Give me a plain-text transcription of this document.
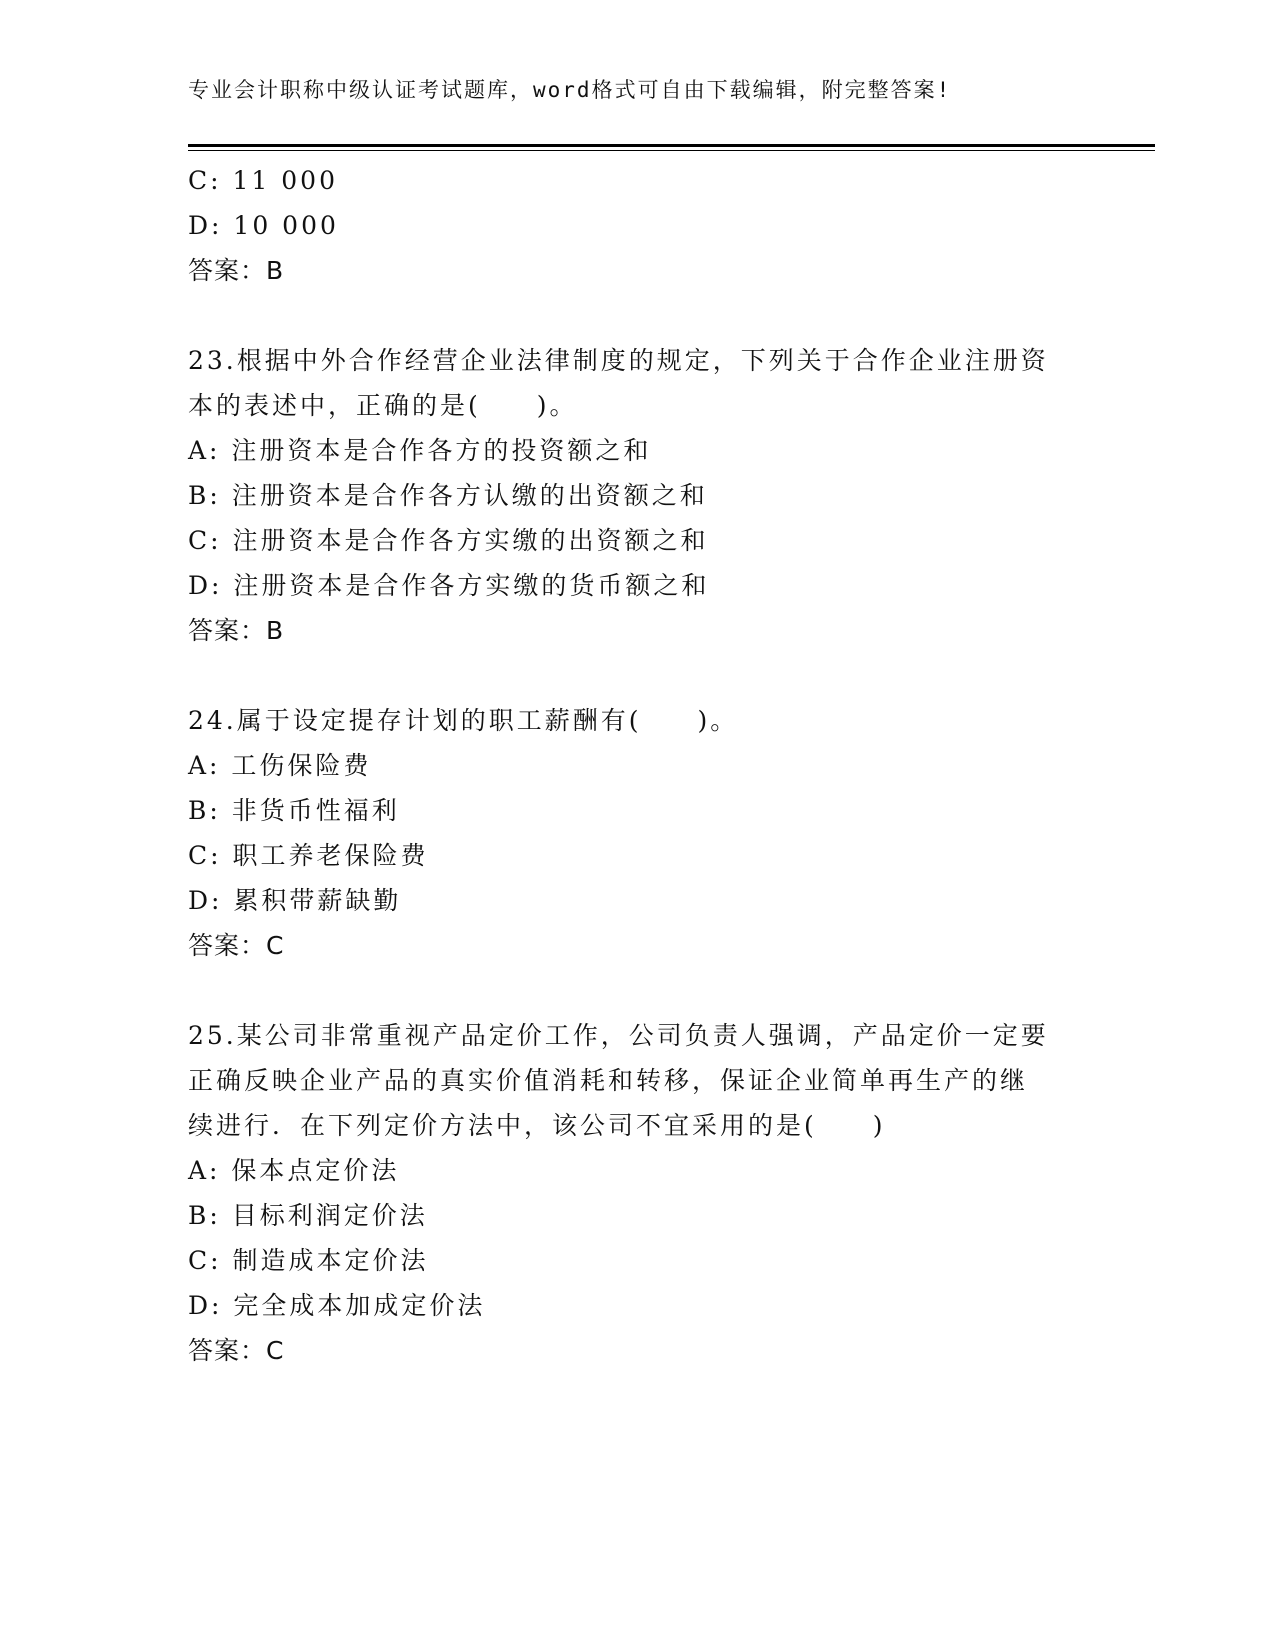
专业会计职称中级认证考试题库，word格式可自由下载编辑，附完整答案!
C: 11 000
D: 10 000
答案：B
23.根据中外合作经营企业法律制度的规定，下列关于合作企业注册资
本的表述中，正确的是(　　)。
A: 注册资本是合作各方的投资额之和
B: 注册资本是合作各方认缴的出资额之和
C: 注册资本是合作各方实缴的出资额之和
D: 注册资本是合作各方实缴的货币额之和
答案：B
24.属于设定提存计划的职工薪酬有(　　)。
A: 工伤保险费
B: 非货币性福利
C: 职工养老保险费
D: 累积带薪缺勤
答案：C
25.某公司非常重视产品定价工作，公司负责人强调，产品定价一定要
正确反映企业产品的真实价值消耗和转移，保证企业简单再生产的继
续进行．在下列定价方法中，该公司不宜采用的是(　　)
A: 保本点定价法
B: 目标利润定价法
C: 制造成本定价法
D: 完全成本加成定价法
答案：C
